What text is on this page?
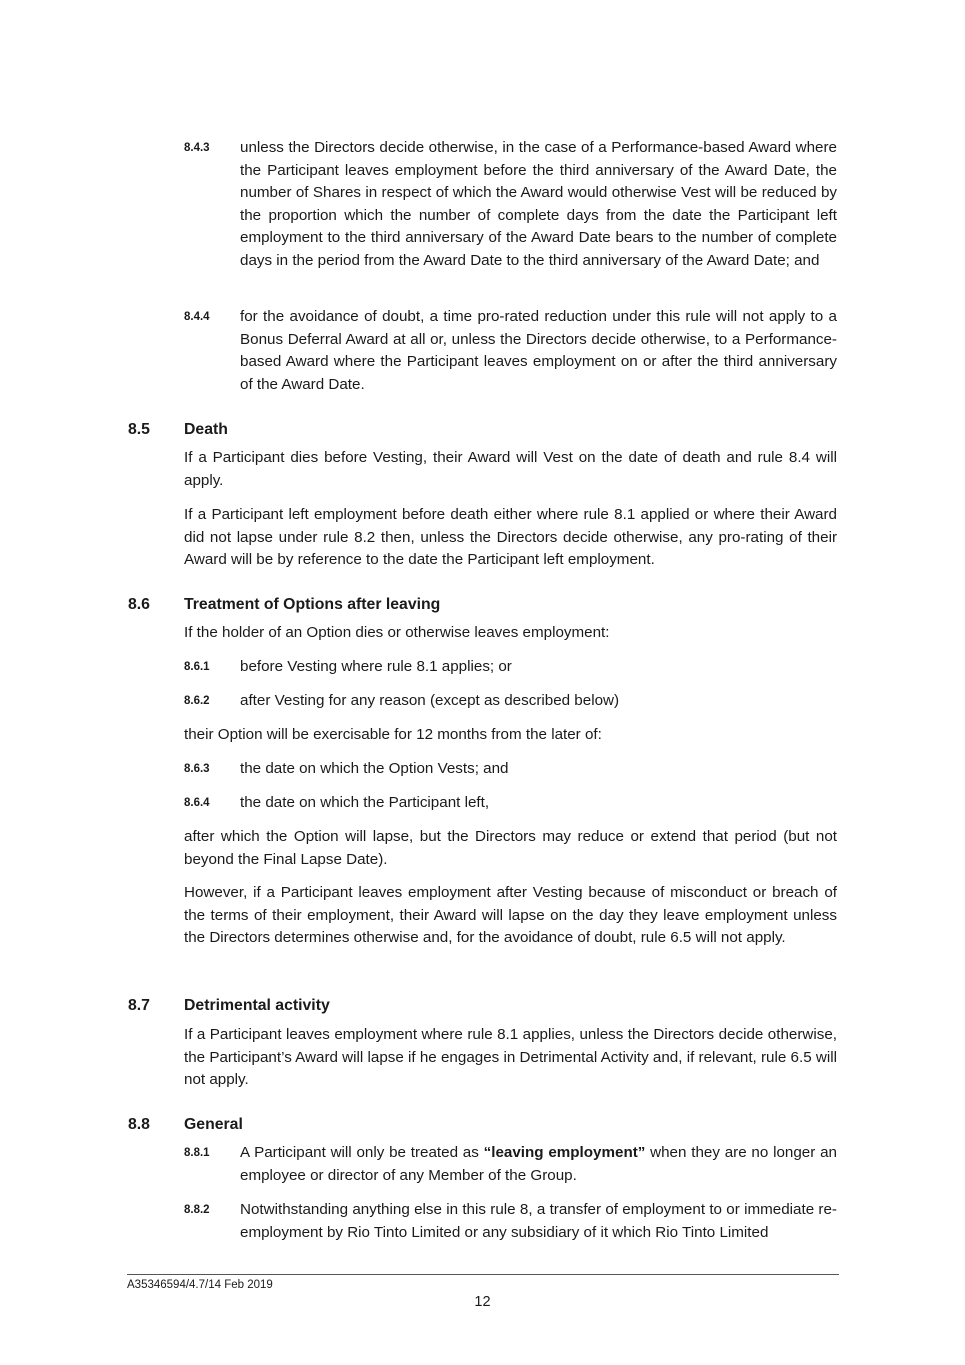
8.4.3 unless the Directors decide otherwise, in the case of a Performance-based Award where the Participant leaves employment before the third anniversary of the Award Date, the number of Shares in respect of which the Award would otherwise Vest will be reduced by the proportion which the number of complete days from the date the Participant left employment to the third anniversary of the Award Date bears to the number of complete days in the period from the Award Date to the third anniversary of the Award Date; and

8.4.4 for the avoidance of doubt, a time pro-rated reduction under this rule will not apply to a Bonus Deferral Award at all or, unless the Directors decide otherwise, to a Performance-based Award where the Participant leaves employment on or after the third anniversary of the Award Date.

8.5 Death

If a Participant dies before Vesting, their Award will Vest on the date of death and rule 8.4 will apply.

If a Participant left employment before death either where rule 8.1 applied or where their Award did not lapse under rule 8.2 then, unless the Directors decide otherwise, any pro-rating of their Award will be by reference to the date the Participant left employment.

8.6 Treatment of Options after leaving

If the holder of an Option dies or otherwise leaves employment:

8.6.1 before Vesting where rule 8.1 applies; or

8.6.2 after Vesting for any reason (except as described below)

their Option will be exercisable for 12 months from the later of:

8.6.3 the date on which the Option Vests; and

8.6.4 the date on which the Participant left,

after which the Option will lapse, but the Directors may reduce or extend that period (but not beyond the Final Lapse Date).

However, if a Participant leaves employment after Vesting because of misconduct or breach of the terms of their employment, their Award will lapse on the day they leave employment unless the Directors determines otherwise and, for the avoidance of doubt, rule 6.5 will not apply.

8.7 Detrimental activity

If a Participant leaves employment where rule 8.1 applies, unless the Directors decide otherwise, the Participant’s Award will lapse if he engages in Detrimental Activity and, if relevant, rule 6.5 will not apply.

8.8 General
8.8.1 A Participant will only be treated as “leaving employment” when they are no longer an employee or director of any Member of the Group.

8.8.2 Notwithstanding anything else in this rule 8, a transfer of employment to or immediate re-employment by Rio Tinto Limited or any subsidiary of it which Rio Tinto Limited

A35346594/4.7/14 Feb 2019
12
